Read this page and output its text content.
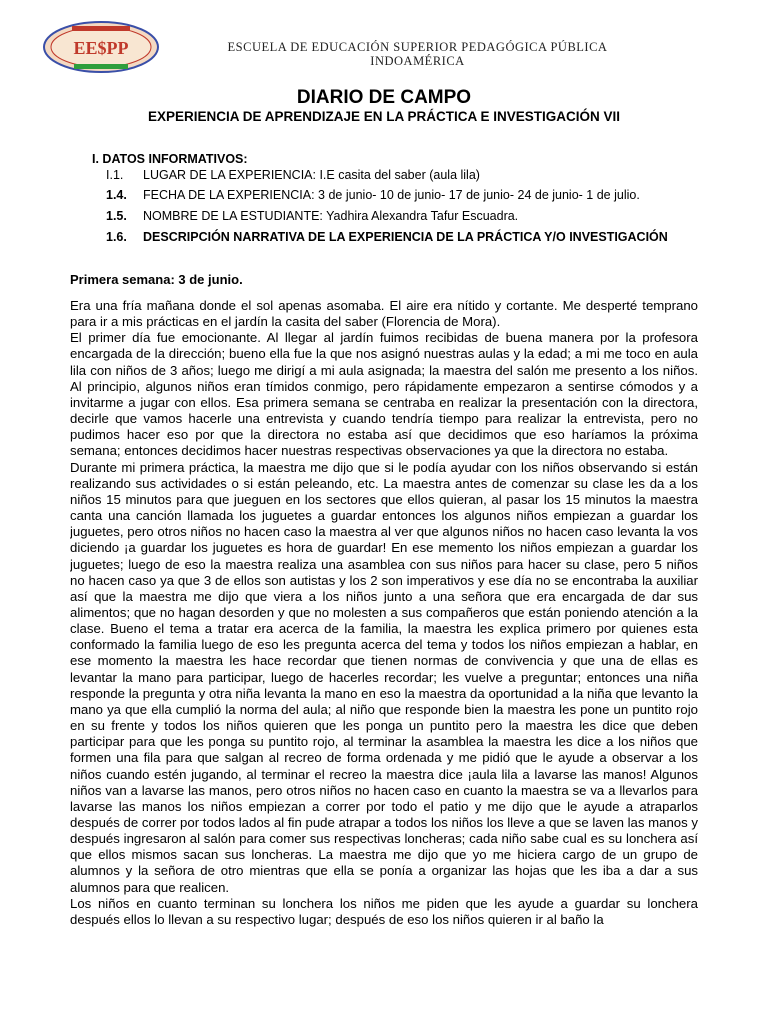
EE$PP	ESCUELA DE EDUCACIÓN SUPERIOR PEDAGÓGICA PÚBLICA
INDOAMÉRICA
DIARIO DE CAMPO
EXPERIENCIA DE APRENDIZAJE EN LA PRÁCTICA E INVESTIGACIÓN VII
I. DATOS INFORMATIVOS:
I.1. LUGAR DE LA EXPERIENCIA: I.E casita del saber (aula lila)
1.4. FECHA DE LA EXPERIENCIA: 3 de junio- 10 de junio- 17 de junio- 24 de junio- 1 de julio.
1.5. NOMBRE DE LA ESTUDIANTE: Yadhira Alexandra Tafur Escuadra.
1.6. DESCRIPCIÓN NARRATIVA DE LA EXPERIENCIA DE LA PRÁCTICA Y/O INVESTIGACIÓN
Primera semana: 3 de junio.

Era una fría mañana donde el sol apenas asomaba. El aire era nítido y cortante. Me desperté temprano para ir a mis prácticas en el jardín la casita del saber (Florencia de Mora).

El primer día fue emocionante. Al llegar al jardín fuimos recibidas de buena manera por la profesora encargada de la dirección; bueno ella fue la que nos asignó nuestras aulas y la edad; a mi me toco en aula lila con niños de 3 años; luego me dirigí a mi aula asignada; la maestra del salón me presento a los niños. Al principio, algunos niños eran tímidos conmigo, pero rápidamente empezaron a sentirse cómodos y a invitarme a jugar con ellos. Esa primera semana se centraba en realizar la presentación con la directora, decirle que vamos hacerle una entrevista y cuando tendría tiempo para realizar la entrevista, pero no pudimos hacer eso por que la directora no estaba así que decidimos que eso haríamos la próxima semana; entonces decidimos hacer nuestras respectivas observaciones ya que la directora no estaba.

Durante mi primera práctica, la maestra me dijo que si le podía ayudar con los niños observando si están realizando sus actividades o si están peleando, etc. La maestra antes de comenzar su clase les da a los niños 15 minutos para que jueguen en los sectores que ellos quieran, al pasar los 15 minutos la maestra canta una canción llamada los juguetes a guardar entonces los algunos niños empiezan a guardar los juguetes, pero otros niños no hacen caso la maestra al ver que algunos niños no hacen caso levanta la vos diciendo ¡a guardar los juguetes es hora de guardar! En ese memento los niños empiezan a guardar los juguetes; luego de eso la maestra realiza una asamblea con sus niños para hacer su clase, pero 5 niños no hacen caso ya que 3 de ellos son autistas y los 2 son imperativos y ese día no se encontraba la auxiliar así que la maestra me dijo que viera a los niños junto a una señora que era encargada de dar sus alimentos; que no hagan desorden y que no molesten a sus compañeros que están poniendo atención a la clase. Bueno el tema a tratar era acerca de la familia, la maestra les explica primero por quienes esta conformado la familia luego de eso les pregunta acerca del tema y todos los niños empiezan a hablar, en ese momento la maestra les hace recordar que tienen normas de convivencia y que una de ellas es levantar la mano para participar, luego de hacerles recordar; les vuelve a preguntar; entonces una niña responde la pregunta y otra niña levanta la mano en eso la maestra da oportunidad a la niña que levanto la mano ya que ella cumplió la norma del aula; al niño que responde bien la maestra les pone un puntito rojo en su frente y todos los niños quieren que les ponga un puntito pero la maestra les dice que deben participar para que les ponga su puntito rojo, al terminar la asamblea la maestra les dice a los niños que formen una fila para que salgan al recreo de forma ordenada y me pidió que le ayude a observar a los niños cuando estén jugando, al terminar el recreo la maestra dice ¡aula lila a lavarse las manos! Algunos niños van a lavarse las manos, pero otros niños no hacen caso en cuanto la maestra se va a llevarlos para lavarse las manos los niños empiezan a correr por todo el patio y me dijo que le ayude a atraparlos después de correr por todos lados al fin pude atrapar a todos los niños los lleve a que se laven las manos y después ingresaron al salón para comer sus respectivas loncheras; cada niño sabe cual es su lonchera así que ellos mismos sacan sus loncheras. La maestra me dijo que yo me hiciera cargo de un grupo de alumnos y la señora de otro mientras que ella se ponía a organizar las hojas que les iba a dar a sus alumnos para que realicen.

Los niños en cuanto terminan su lonchera los niños me piden que les ayude a guardar su lonchera después ellos lo llevan a su respectivo lugar; después de eso los niños quieren ir al baño la
